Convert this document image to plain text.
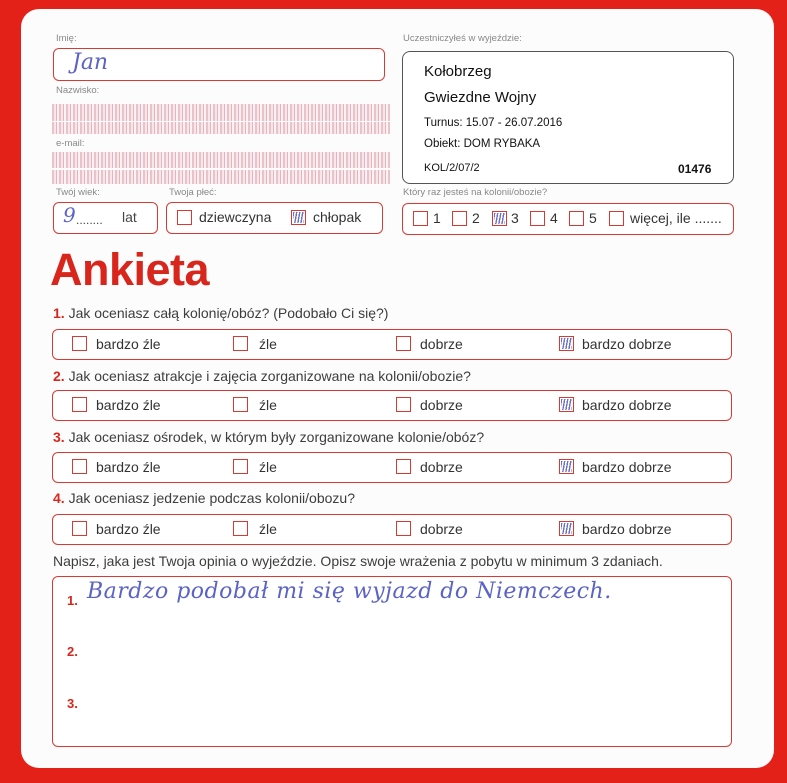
Imię:
Jan
Nazwisko:
e-mail:
Twój wiek:
9 ........ lat
Twoja płeć:
dziewczyna	chłopak
Uczestniczyłeś w wyjeździe:
Kołobrzeg
Gwiezdne Wojny
Turnus: 15.07 - 26.07.2016
Obiekt: DOM RYBAKA
KOL/2/07/2	01476
Który raz jesteś na kolonii/obozie?
1 2 3 4 5 więcej, ile .......
Ankieta
1. Jak oceniasz całą kolonię/obóz? (Podobało Ci się?)
bardzo źle	źle	dobrze	bardzo dobrze
2. Jak oceniasz atrakcje i zajęcia zorganizowane na kolonii/obozie?
bardzo źle	źle	dobrze	bardzo dobrze
3. Jak oceniasz ośrodek, w którym były zorganizowane kolonie/obóz?
bardzo źle	źle	dobrze	bardzo dobrze
4. Jak oceniasz jedzenie podczas kolonii/obozu?
bardzo źle	źle	dobrze	bardzo dobrze
Napisz, jaka jest Twoja opinia o wyjeździe. Opisz swoje wrażenia z pobytu w minimum 3 zdaniach.
1. Bardzo podobał mi się wyjazd do Niemczech.
2.
3.
